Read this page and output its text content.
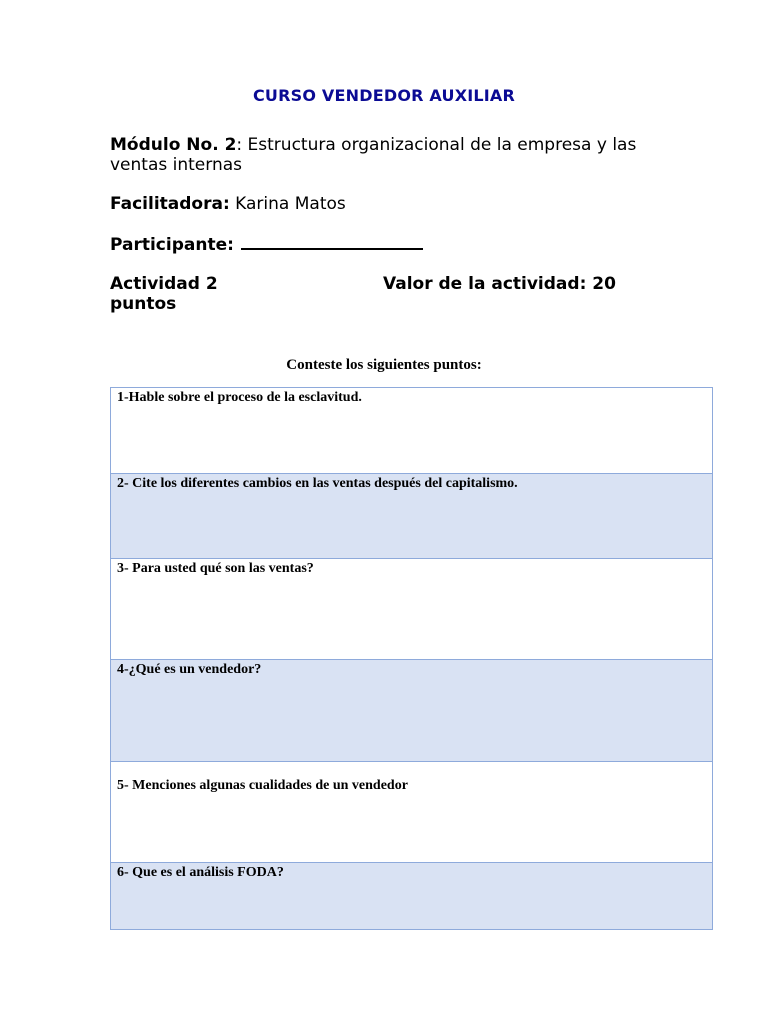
CURSO VENDEDOR AUXILIAR
Módulo No. 2: Estructura organizacional de la empresa y las ventas internas
Facilitadora: Karina Matos
Participante:
Actividad 2 puntos
Valor de la actividad: 20
Conteste los siguientes puntos:
1-Hable sobre el proceso de la esclavitud.
2- Cite los diferentes cambios en las ventas después del capitalismo.
3- Para usted qué son las ventas?
4-¿Qué es un vendedor?
5- Menciones algunas cualidades de un vendedor
6- Que es el análisis FODA?
